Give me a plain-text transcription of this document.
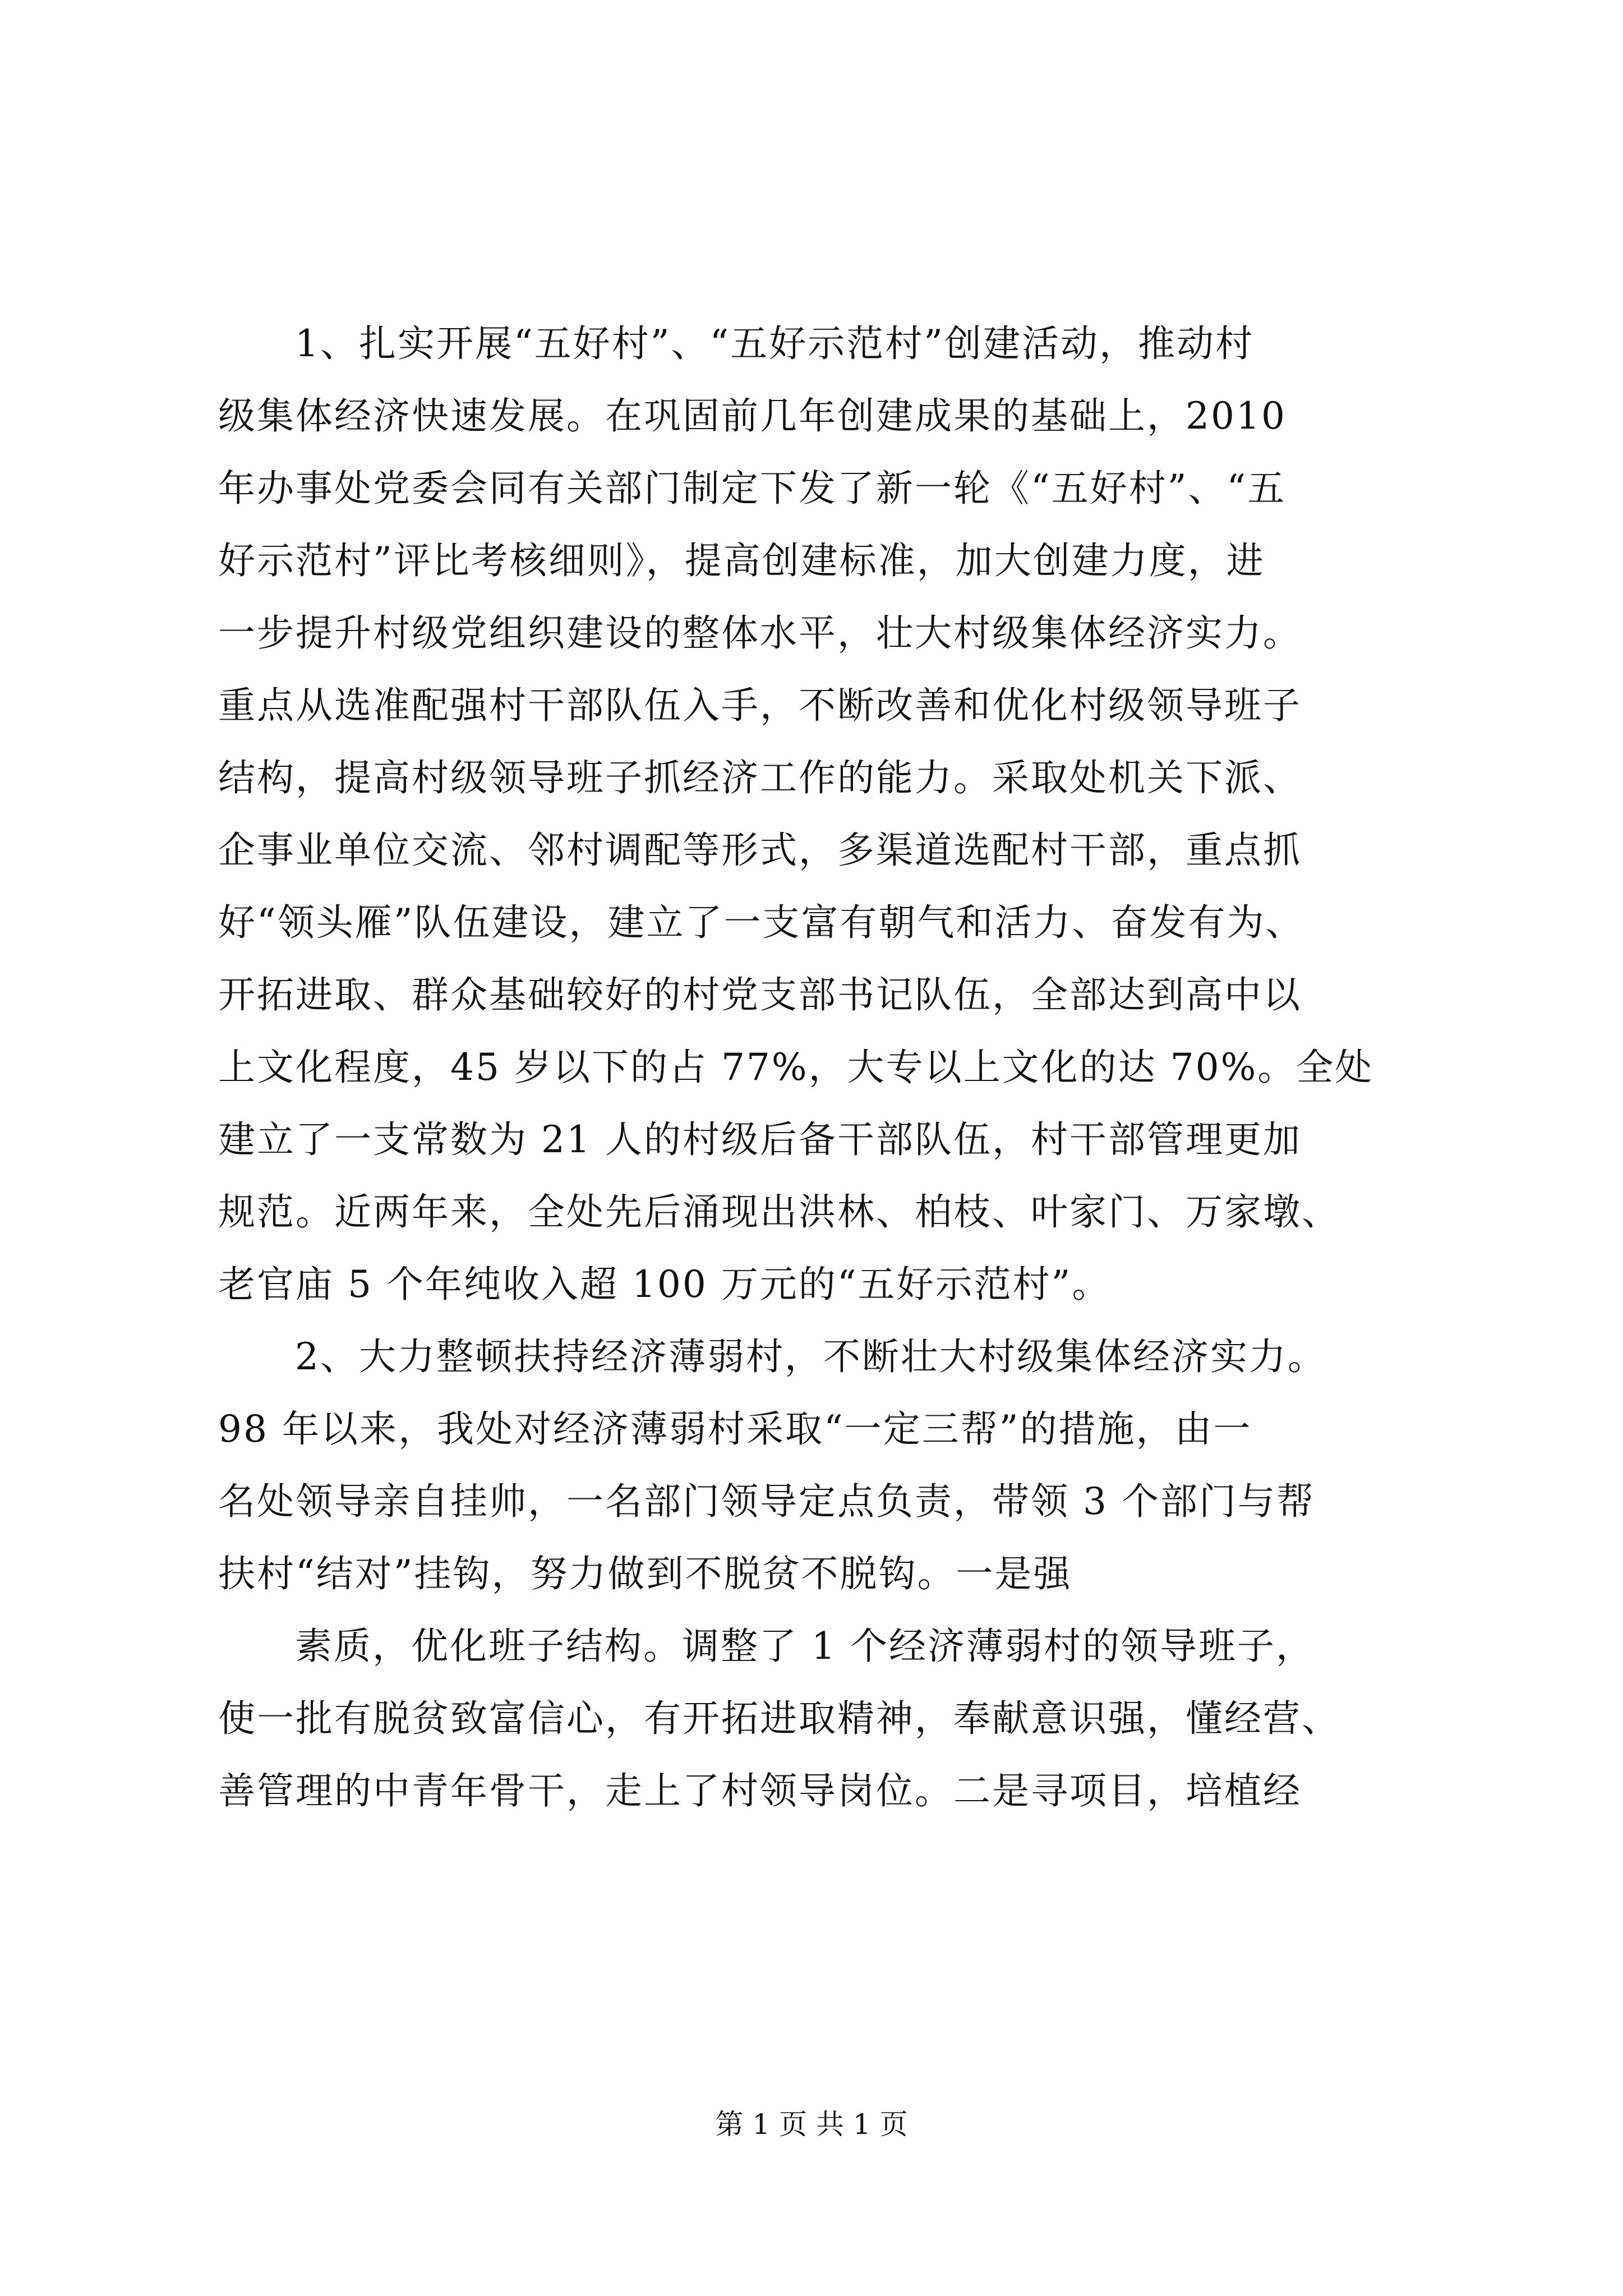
1、扎实开展“五好村”、“五好示范村”创建活动，推动村
级集体经济快速发展。在巩固前几年创建成果的基础上，2010
年办事处党委会同有关部门制定下发了新一轮《“五好村”、“五
好示范村”评比考核细则》，提高创建标准，加大创建力度，进
一步提升村级党组织建设的整体水平，壮大村级集体经济实力。
重点从选准配强村干部队伍入手，不断改善和优化村级领导班子
结构，提高村级领导班子抓经济工作的能力。采取处机关下派、
企事业单位交流、邻村调配等形式，多渠道选配村干部，重点抓
好“领头雁”队伍建设，建立了一支富有朝气和活力、奋发有为、
开拓进取、群众基础较好的村党支部书记队伍，全部达到高中以
上文化程度，45 岁以下的占 77%，大专以上文化的达 70%。全处
建立了一支常数为 21 人的村级后备干部队伍，村干部管理更加
规范。近两年来，全处先后涌现出洪林、柏枝、叶家门、万家墩、
老官庙 5 个年纯收入超 100 万元的“五好示范村”。
2、大力整顿扶持经济薄弱村，不断壮大村级集体经济实力。
98 年以来，我处对经济薄弱村采取“一定三帮”的措施，由一
名处领导亲自挂帅，一名部门领导定点负责，带领 3 个部门与帮
扶村“结对”挂钩，努力做到不脱贫不脱钩。一是强
素质，优化班子结构。调整了 1 个经济薄弱村的领导班子，
使一批有脱贫致富信心，有开拓进取精神，奉献意识强，懂经营、
善管理的中青年骨干，走上了村领导岗位。二是寻项目，培植经
第 1 页 共 1 页
